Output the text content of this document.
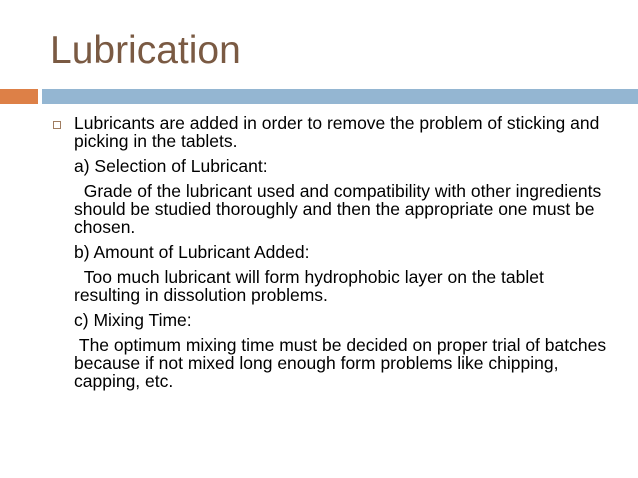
Lubrication

Lubricants are added in order to remove the problem of sticking and picking in the tablets.

a) Selection of Lubricant:

Grade of the lubricant used and compatibility with other ingredients should be studied thoroughly and then the appropriate one must be chosen.

b) Amount of Lubricant Added:

Too much lubricant will form hydrophobic layer on the tablet resulting in dissolution problems.

c) Mixing Time:

The optimum mixing time must be decided on proper trial of batches because if not mixed long enough form problems like chipping, capping, etc.
